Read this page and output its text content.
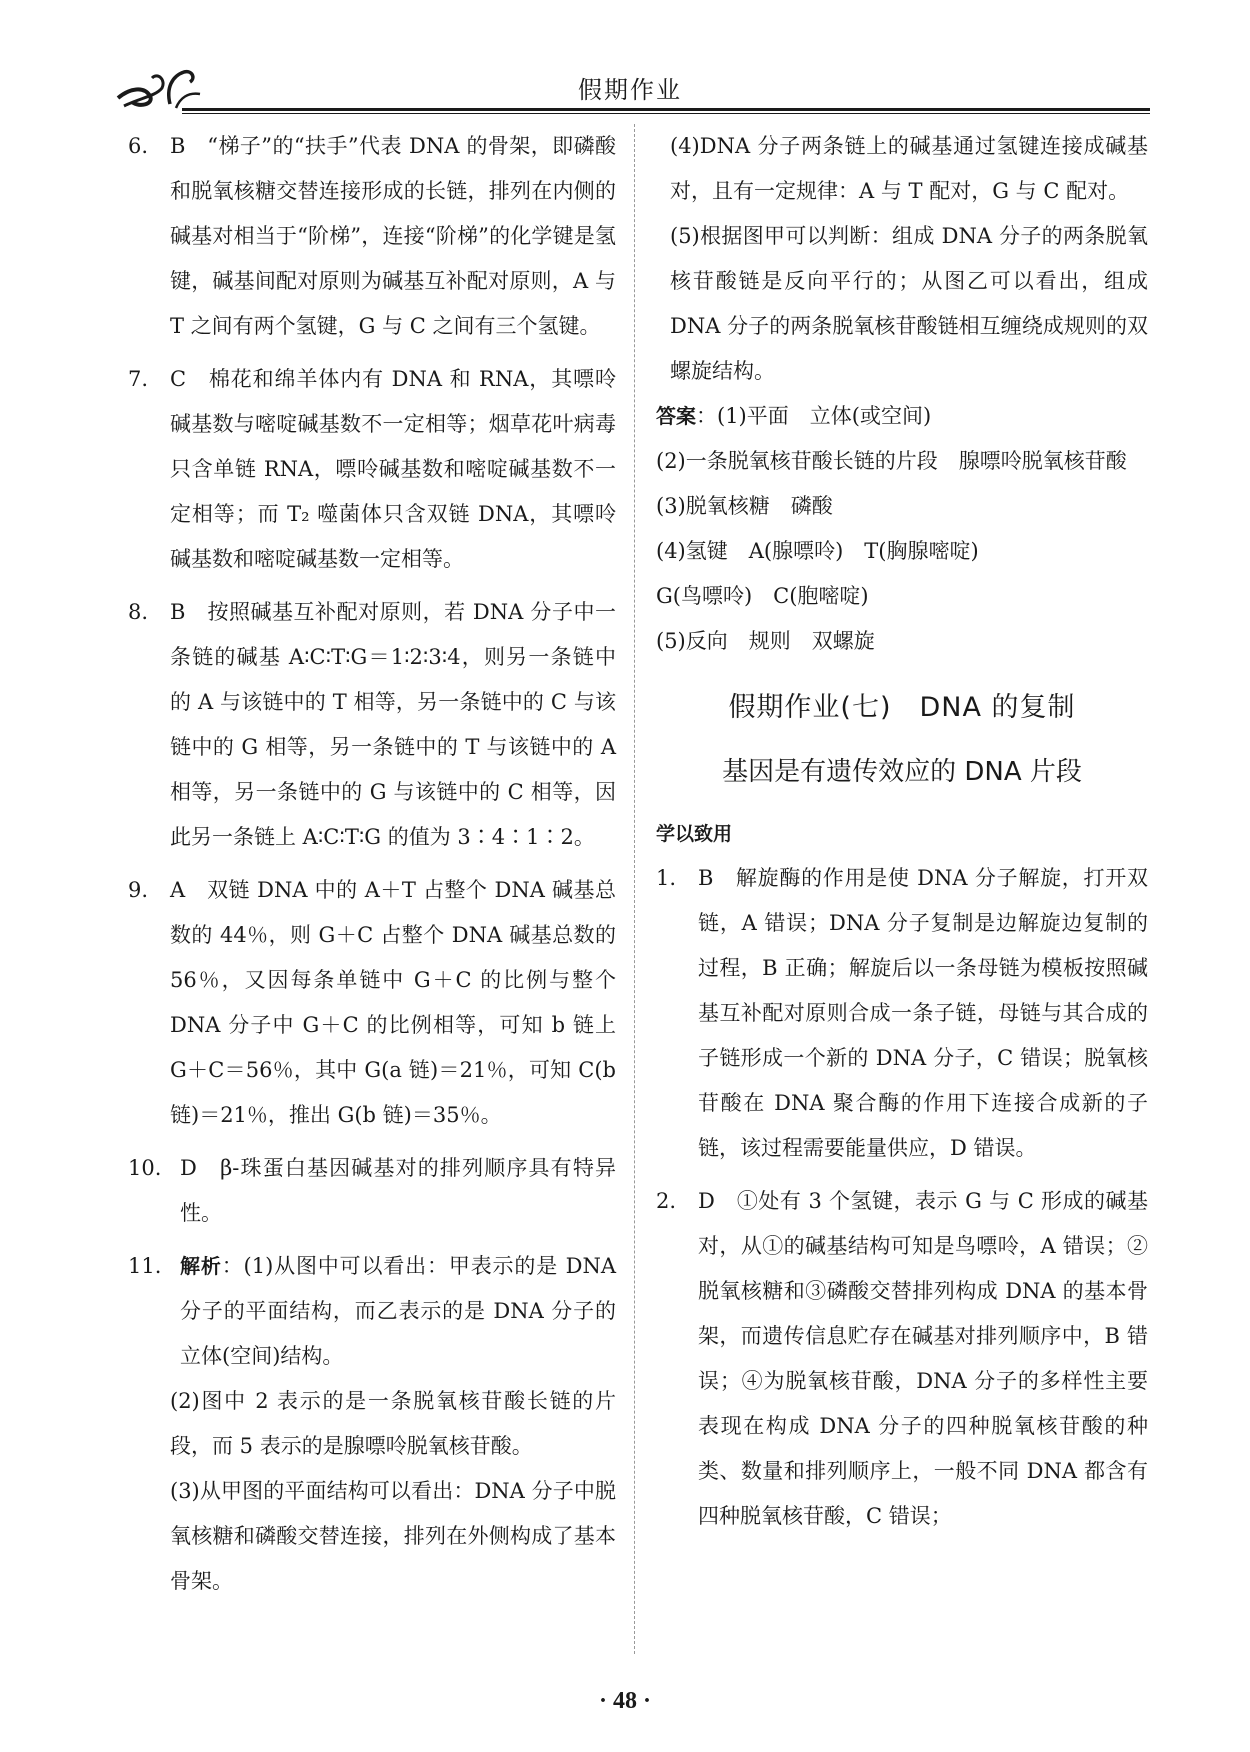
假期作业
6. B　“梯子”的“扶手”代表 DNA 的骨架，即磷酸和脱氧核糖交替连接形成的长链，排列在内侧的碱基对相当于“阶梯”，连接“阶梯”的化学键是氢键，碱基间配对原则为碱基互补配对原则，A 与 T 之间有两个氢键，G 与 C 之间有三个氢键。
7. C　棉花和绵羊体内有 DNA 和 RNA，其嘌呤碱基数与嘧啶碱基数不一定相等；烟草花叶病毒只含单链 RNA，嘌呤碱基数和嘧啶碱基数不一定相等；而 T₂ 噬菌体只含双链 DNA，其嘌呤碱基数和嘧啶碱基数一定相等。
8. B　按照碱基互补配对原则，若 DNA 分子中一条链的碱基 A∶C∶T∶G＝1∶2∶3∶4，则另一条链中的 A 与该链中的 T 相等，另一条链中的 C 与该链中的 G 相等，另一条链中的 T 与该链中的 A 相等，另一条链中的 G 与该链中的 C 相等，因此另一条链上 A∶C∶T∶G 的值为 3∶4∶1∶2。
9. A　双链 DNA 中的 A＋T 占整个 DNA 碱基总数的 44％，则 G＋C 占整个 DNA 碱基总数的 56％，又因每条单链中 G＋C 的比例与整个 DNA 分子中 G＋C 的比例相等，可知 b 链上 G＋C＝56％，其中 G(a 链)＝21％，可知 C(b 链)＝21％，推出 G(b 链)＝35％。
10. D　β-珠蛋白基因碱基对的排列顺序具有特异性。
11. 解析：(1)从图中可以看出：甲表示的是 DNA 分子的平面结构，而乙表示的是 DNA 分子的立体(空间)结构。
(2)图中 2 表示的是一条脱氧核苷酸长链的片段，而 5 表示的是腺嘌呤脱氧核苷酸。
(3)从甲图的平面结构可以看出：DNA 分子中脱氧核糖和磷酸交替连接，排列在外侧构成了基本骨架。
(4)DNA 分子两条链上的碱基通过氢键连接成碱基对，且有一定规律：A 与 T 配对，G 与 C 配对。
(5)根据图甲可以判断：组成 DNA 分子的两条脱氧核苷酸链是反向平行的；从图乙可以看出，组成 DNA 分子的两条脱氧核苷酸链相互缠绕成规则的双螺旋结构。
答案：(1)平面　立体(或空间)
(2)一条脱氧核苷酸长链的片段　腺嘌呤脱氧核苷酸
(3)脱氧核糖　磷酸
(4)氢键　A(腺嘌呤)　T(胸腺嘧啶)
G(鸟嘌呤)　C(胞嘧啶)
(5)反向　规则　双螺旋
假期作业(七)　DNA 的复制
基因是有遗传效应的 DNA 片段
学以致用
1. B　解旋酶的作用是使 DNA 分子解旋，打开双链，A 错误；DNA 分子复制是边解旋边复制的过程，B 正确；解旋后以一条母链为模板按照碱基互补配对原则合成一条子链，母链与其合成的子链形成一个新的 DNA 分子，C 错误；脱氧核苷酸在 DNA 聚合酶的作用下连接合成新的子链，该过程需要能量供应，D 错误。
2. D　①处有 3 个氢键，表示 G 与 C 形成的碱基对，从①的碱基结构可知是鸟嘌呤，A 错误；②脱氧核糖和③磷酸交替排列构成 DNA 的基本骨架，而遗传信息贮存在碱基对排列顺序中，B 错误；④为脱氧核苷酸，DNA 分子的多样性主要表现在构成 DNA 分子的四种脱氧核苷酸的种类、数量和排列顺序上，一般不同 DNA 都含有四种脱氧核苷酸，C 错误；
· 48 ·
